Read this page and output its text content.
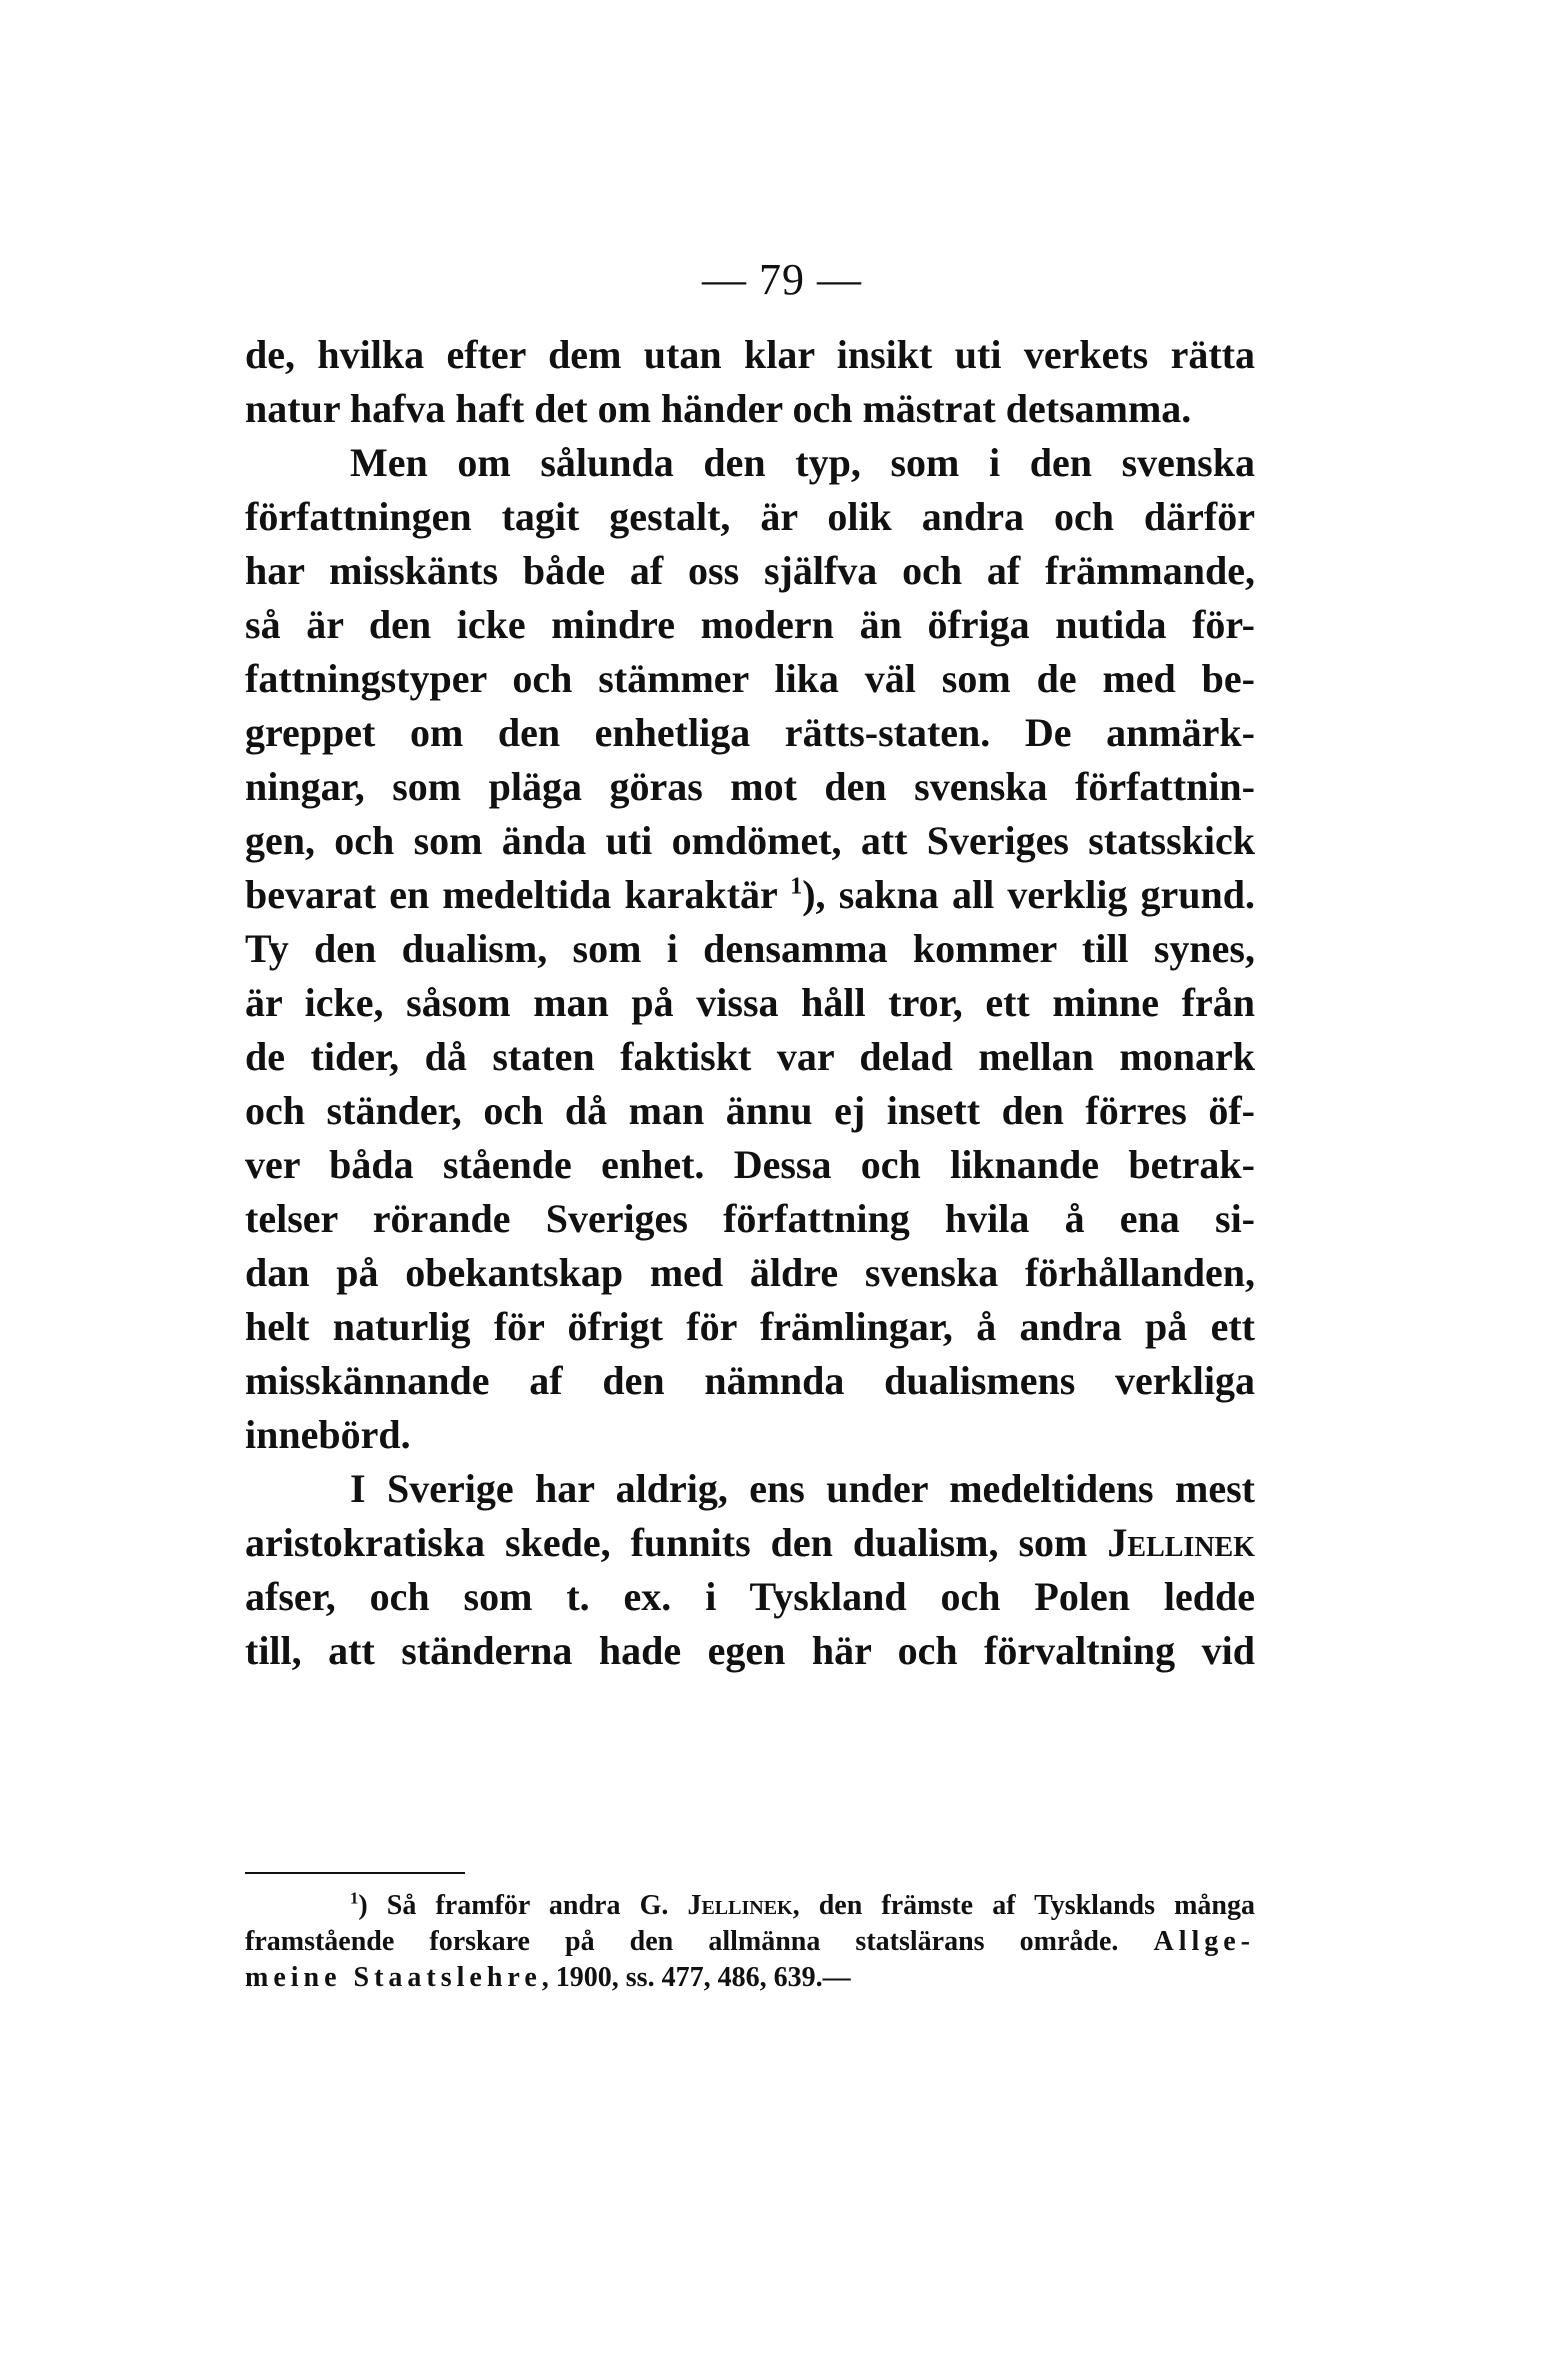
— 79 —
de, hvilka efter dem utan klar insikt uti verkets rätta
natur hafva haft det om händer och mästrat detsamma.
Men om sålunda den typ, som i den svenska
författningen tagit gestalt, är olik andra och därför
har misskänts både af oss själfva och af främmande,
så är den icke mindre modern än öfriga nutida för-
fattningstyper och stämmer lika väl som de med be-
greppet om den enhetliga rätts-staten. De anmärk-
ningar, som pläga göras mot den svenska författnin-
gen, och som ända uti omdömet, att Sveriges statsskick
bevarat en medeltida karaktär $^1$), sakna all verklig grund.
Ty den dualism, som i densamma kommer till synes,
är icke, såsom man på vissa håll tror, ett minne från
de tider, då staten faktiskt var delad mellan monark
och ständer, och då man ännu ej insett den förres öf-
ver båda stående enhet. Dessa och liknande betrak-
telser rörande Sveriges författning hvila å ena si-
dan på obekantskap med äldre svenska förhållanden,
helt naturlig för öfrigt för främlingar, å andra på ett
misskännande af den nämnda dualismens verkliga
innebörd.
I Sverige har aldrig, ens under medeltidens mest
aristokratiska skede, funnits den dualism, som Jellinek
afser, och som t. ex. i Tyskland och Polen ledde
till, att ständerna hade egen här och förvaltning vid
$^1$) Så framför andra G. Jellinek, den främste af Tysklands många
framstående forskare på den allmänna statslärans område. Allge-
meine Staatslehre, 1900, ss. 477, 486, 639.—
